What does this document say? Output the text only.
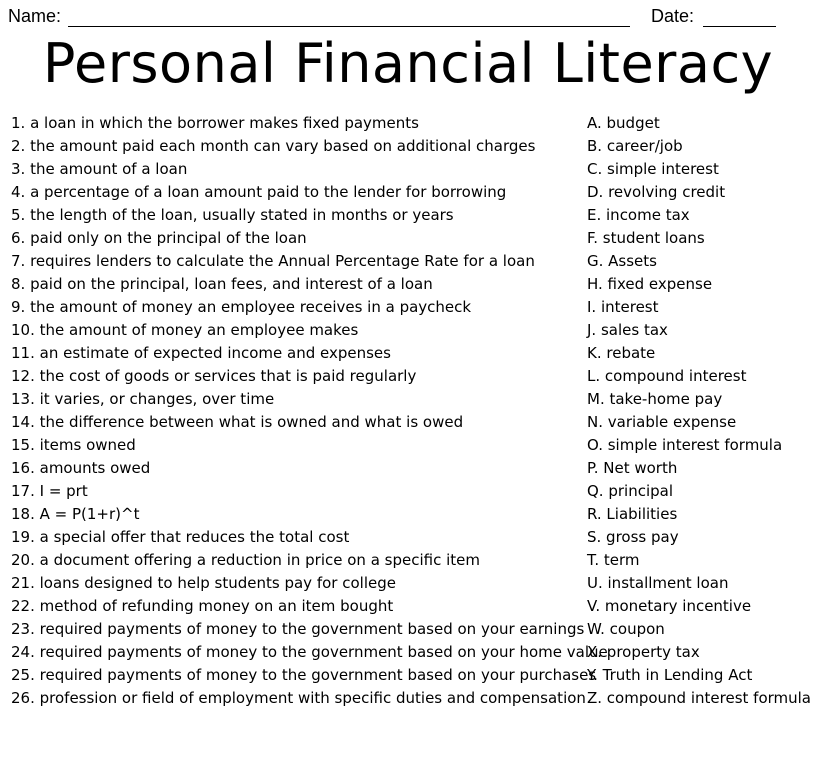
Name:	Date:
Personal Financial Literacy
1. a loan in which the borrower makes fixed payments
2. the amount paid each month can vary based on additional charges
3. the amount of a loan
4. a percentage of a loan amount paid to the lender for borrowing
5. the length of the loan, usually stated in months or years
6. paid only on the principal of the loan
7. requires lenders to calculate the Annual Percentage Rate for a loan
8. paid on the principal, loan fees, and interest of a loan
9. the amount of money an employee receives in a paycheck
10. the amount of money an employee makes
11. an estimate of expected income and expenses
12. the cost of goods or services that is paid regularly
13. it varies, or changes, over time
14. the difference between what is owned and what is owed
15. items owned
16. amounts owed
17. I = prt
18. A = P(1+r)^t
19. a special offer that reduces the total cost
20. a document offering a reduction in price on a specific item
21. loans designed to help students pay for college
22. method of refunding money on an item bought
23. required payments of money to the government based on your earnings
24. required payments of money to the government based on your home value
25. required payments of money to the government based on your purchases
26. profession or field of employment with specific duties and compensation
A. budget
B. career/job
C. simple interest
D. revolving credit
E. income tax
F. student loans
G. Assets
H. fixed expense
I. interest
J. sales tax
K. rebate
L. compound interest
M. take-home pay
N. variable expense
O. simple interest formula
P. Net worth
Q. principal
R. Liabilities
S. gross pay
T. term
U. installment loan
V. monetary incentive
W. coupon
X. property tax
Y. Truth in Lending Act
Z. compound interest formula
